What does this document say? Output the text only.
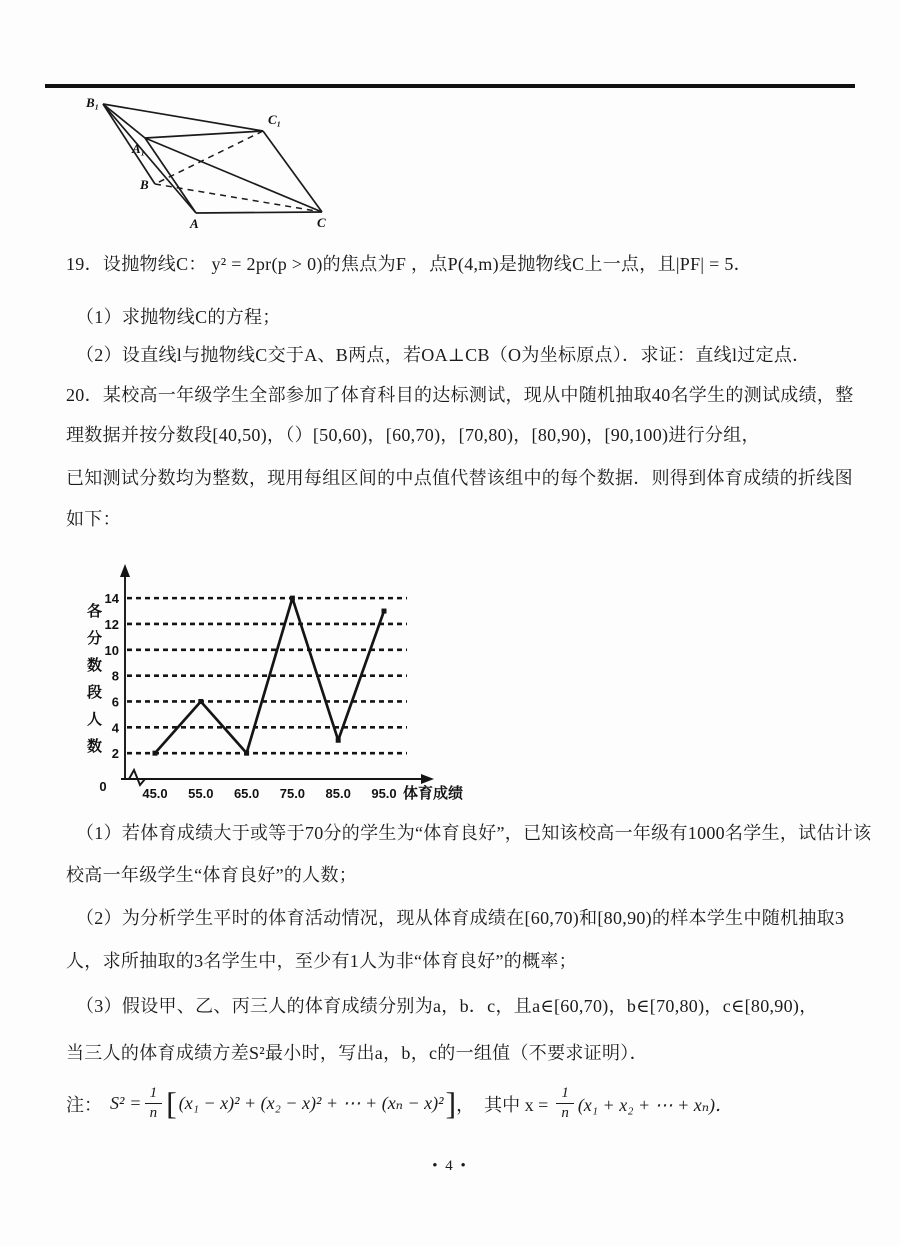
B₁
C₁
A₁
B
A	C
19．设抛物线C： y² = 2pr(p > 0)的焦点为F ，点P(4,m)是抛物线C上一点，且|PF| = 5．
（1）求抛物线C的方程；
（2）设直线l与抛物线C交于A、B两点，若OA⊥CB（O为坐标原点）．求证：直线l过定点．
20．某校高一年级学生全部参加了体育科目的达标测试，现从中随机抽取40名学生的测试成绩，整
理数据并按分数段[40,50)，（）[50,60)，[60,70)，[70,80)，[80,90)，[90,100)进行分组，
已知测试分数均为整数，现用每组区间的中点值代替该组中的每个数据．则得到体育成绩的折线图
如下：
2
4
6
8
10
12
14
0	45.0 55.0 65.0 75.0 85.0 95.0 体育成绩
各
分
数
段
人
数
（1）若体育成绩大于或等于70分的学生为“体育良好”，已知该校高一年级有1000名学生，试估计该
校高一年级学生“体育良好”的人数；
（2）为分析学生平时的体育活动情况，现从体育成绩在[60,70)和[80,90)的样本学生中随机抽取3
人，求所抽取的3名学生中，至少有1人为非“体育良好”的概率；
（3）假设甲、乙、丙三人的体育成绩分别为a，b．c，且a∈[60,70)，b∈[70,80)，c∈[80,90)，
当三人的体育成绩方差S²最小时，写出a，b，c的一组值（不要求证明）．
注： $S^2 = \frac{1}{n}$ [ (x₁ − x)² + (x₂ − x)² + ⋯ + (xₙ − x)² ] ， 其中 $x = \frac{1}{n} (x_1 + x_2$ + ⋯ + xₙ)．
• 4 •
